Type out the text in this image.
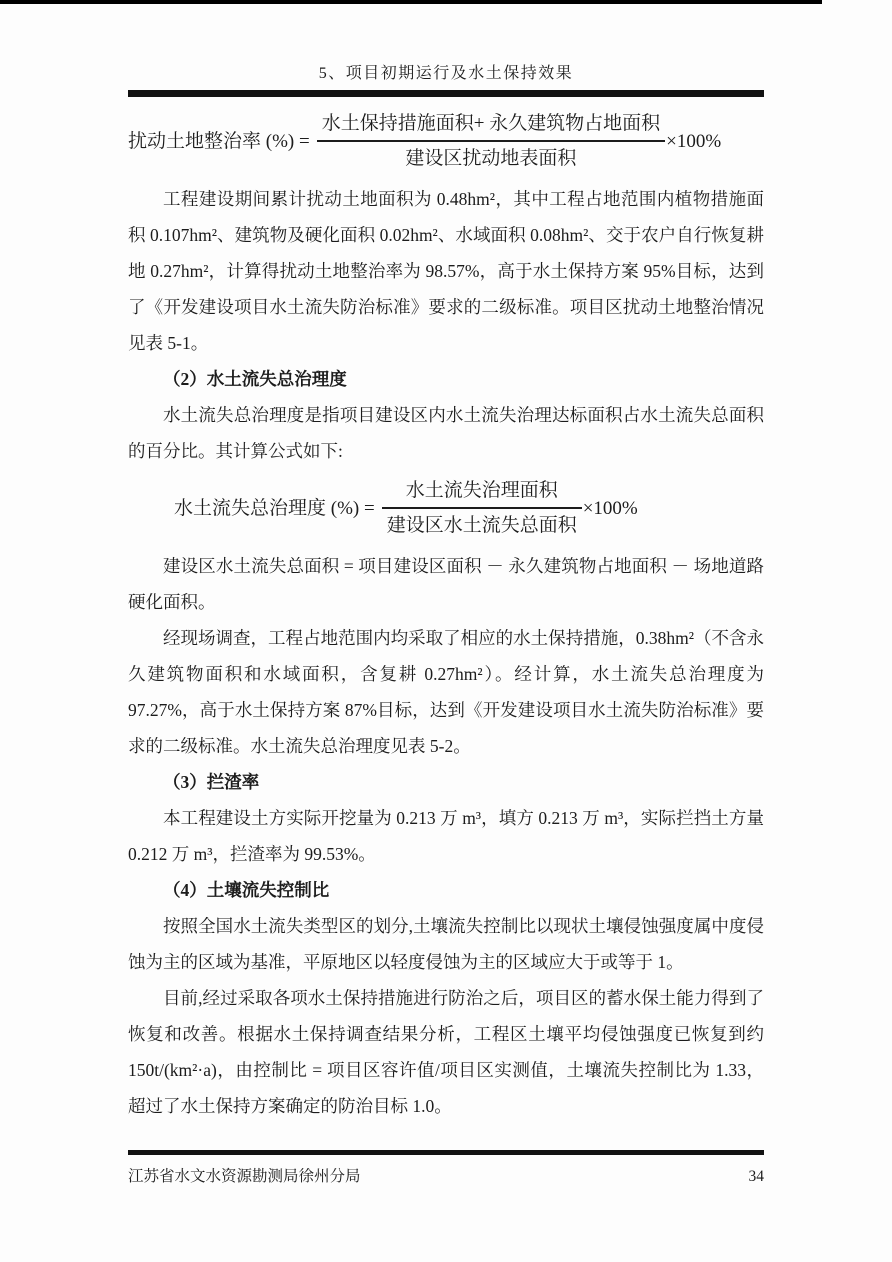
5、项目初期运行及水土保持效果
扰动土地整治率 (%) = $\frac{\text{水土保持措施面积+ 永久建筑物占地面积}}{\text{建设区扰动地表面积}} \times 100\%$

工程建设期间累计扰动土地面积为 0.48hm²，其中工程占地范围内植物措施面积 0.107hm²、建筑物及硬化面积 0.02hm²、水域面积 0.08hm²、交于农户自行恢复耕地 0.27hm²，计算得扰动土地整治率为 98.57%，高于水土保持方案 95%目标，达到了《开发建设项目水土流失防治标准》要求的二级标准。项目区扰动土地整治情况见表 5-1。

（2）水土流失总治理度

水土流失总治理度是指项目建设区内水土流失治理达标面积占水土流失总面积的百分比。其计算公式如下:

水土流失总治理度 (%) = $\frac{\text{水土流失治理面积}}{\text{建设区水土流失总面积}} \times 100\%$

建设区水土流失总面积 = 项目建设区面积 － 永久建筑物占地面积 － 场地道路硬化面积。

经现场调查，工程占地范围内均采取了相应的水土保持措施，0.38hm²（不含永久建筑物面积和水域面积，含复耕 0.27hm²）。经计算，水土流失总治理度为 97.27%，高于水土保持方案 87%目标，达到《开发建设项目水土流失防治标准》要求的二级标准。水土流失总治理度见表 5-2。

（3）拦渣率

本工程建设土方实际开挖量为 0.213 万 m³，填方 0.213 万 m³，实际拦挡土方量 0.212 万 m³，拦渣率为 99.53%。

（4）土壤流失控制比

按照全国水土流失类型区的划分,土壤流失控制比以现状土壤侵蚀强度属中度侵蚀为主的区域为基准，平原地区以轻度侵蚀为主的区域应大于或等于 1。

目前,经过采取各项水土保持措施进行防治之后，项目区的蓄水保土能力得到了恢复和改善。根据水土保持调查结果分析，工程区土壤平均侵蚀强度已恢复到约 150t/(km²·a)，由控制比 = 项目区容许值/项目区实测值，土壤流失控制比为 1.33，超过了水土保持方案确定的防治目标 1.0。

江苏省水文水资源勘测局徐州分局	34
